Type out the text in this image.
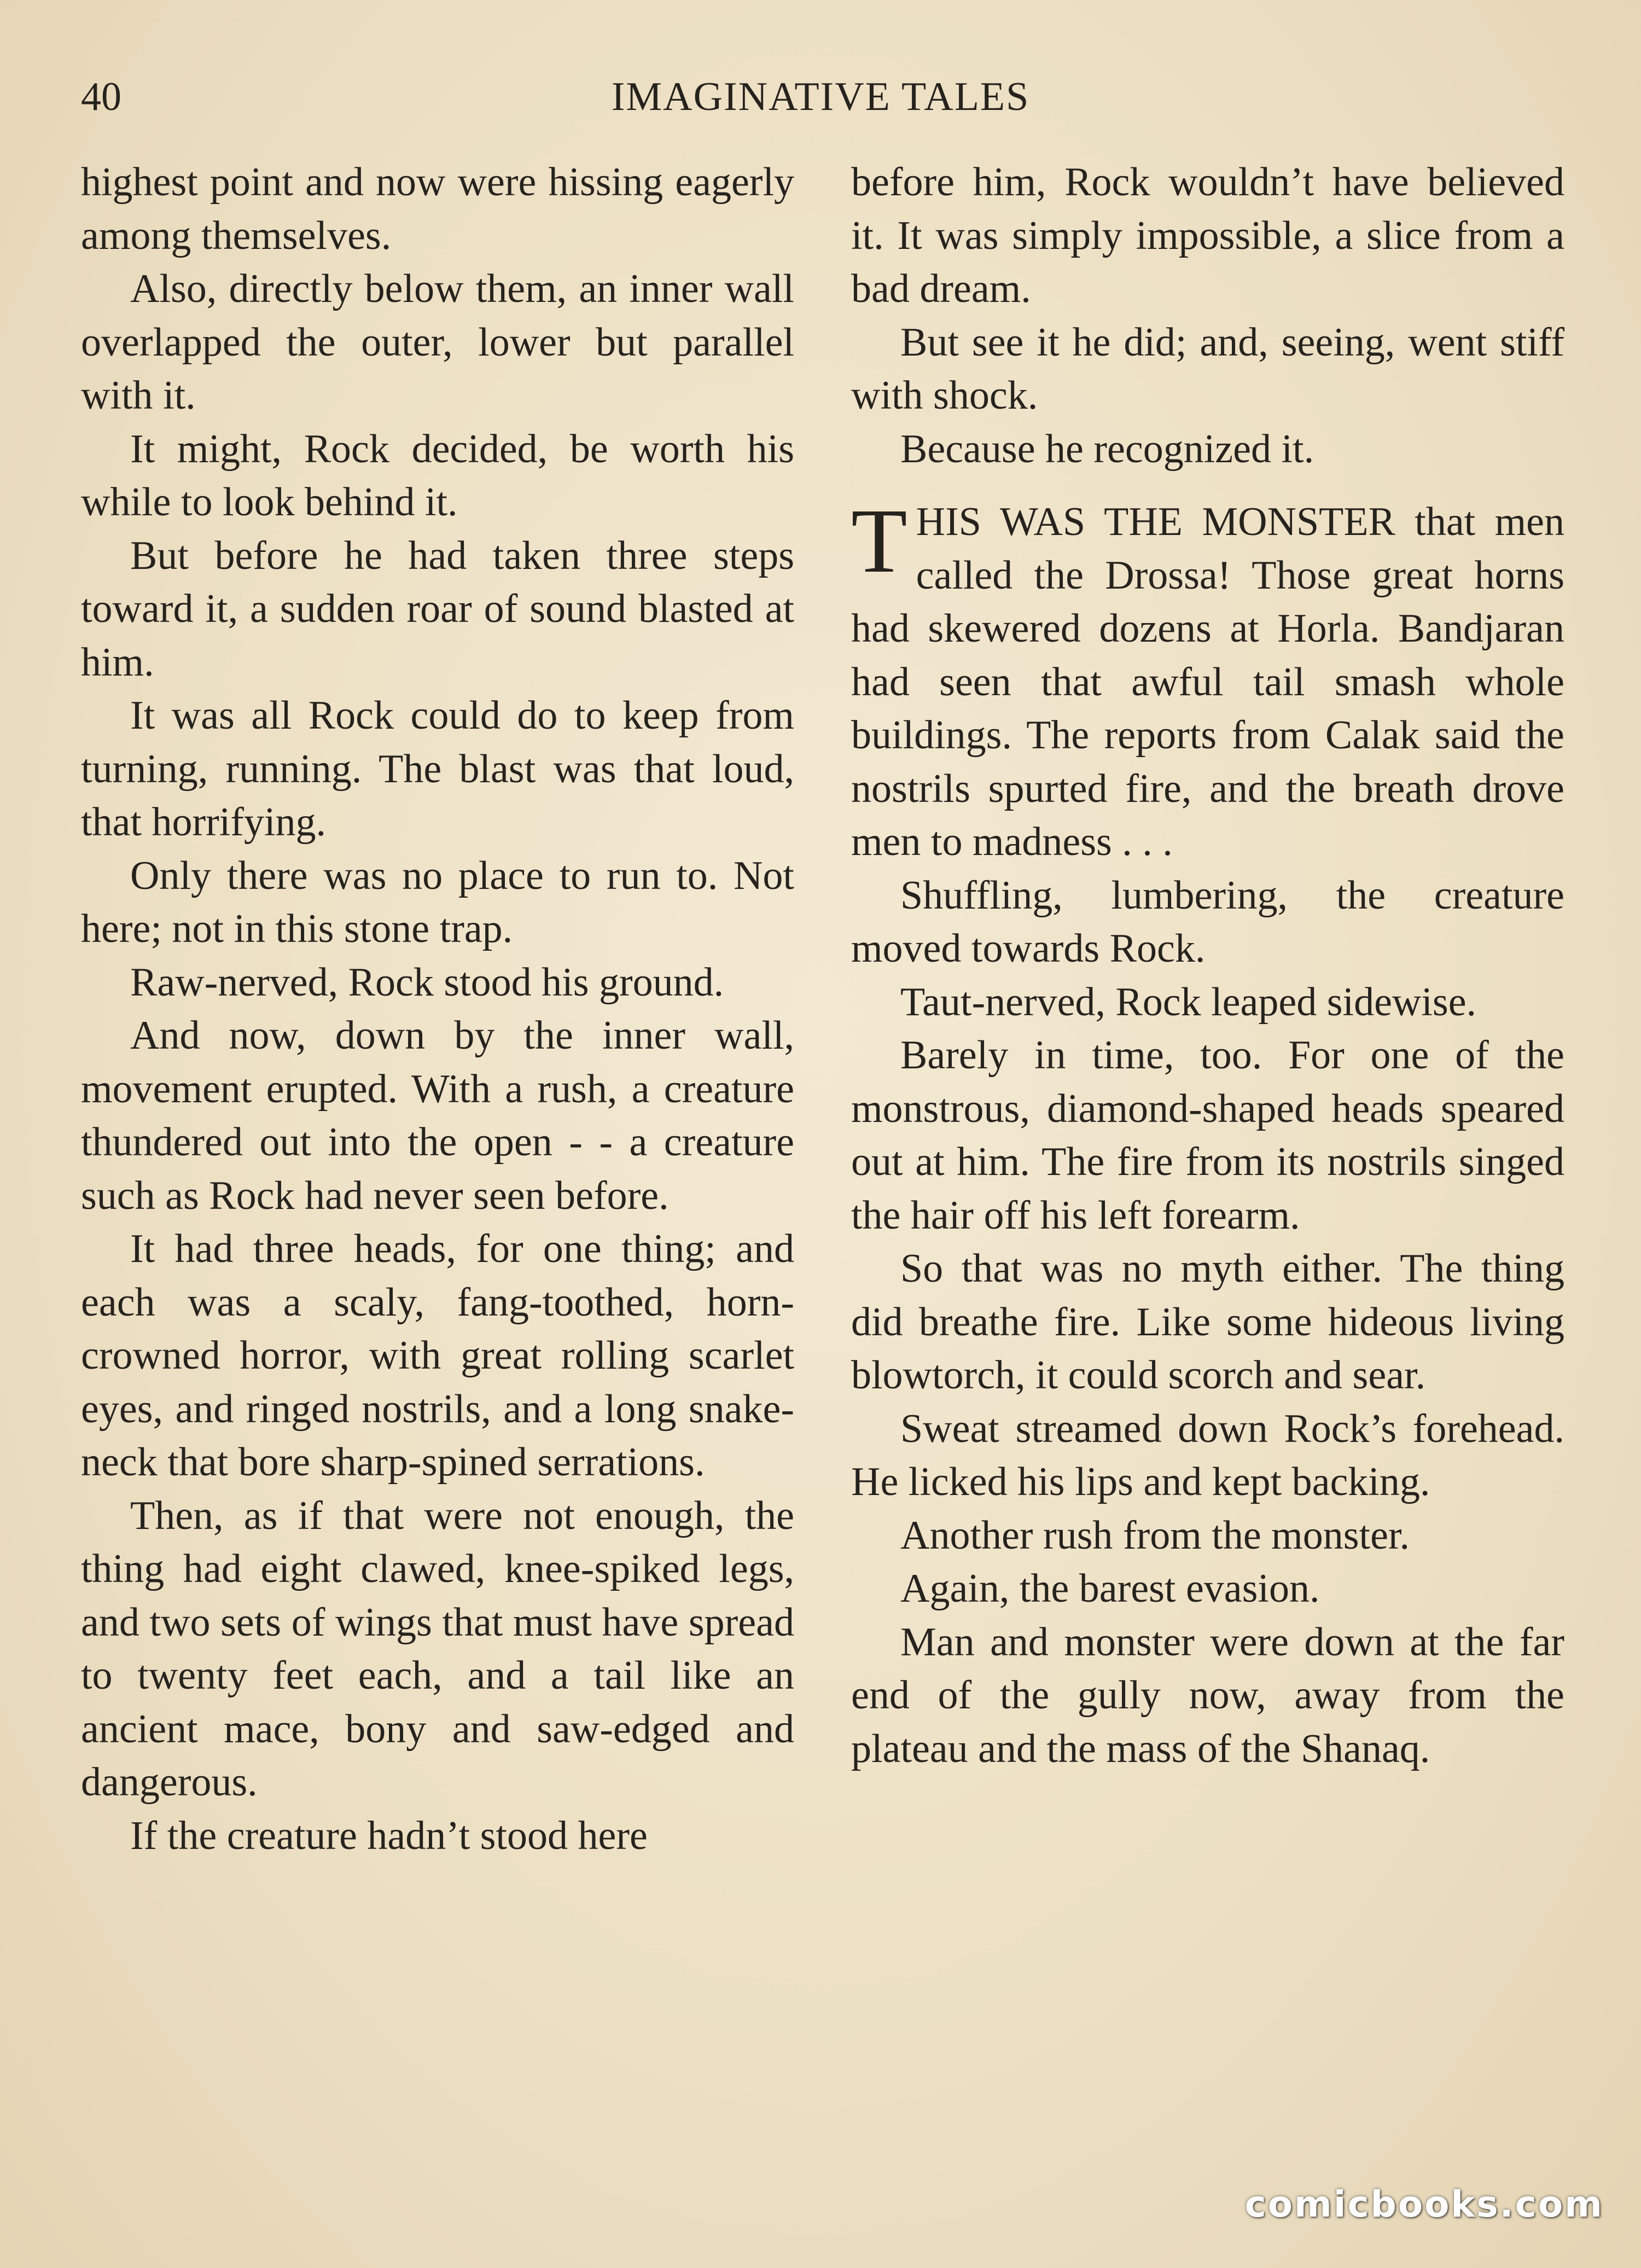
40	IMAGINATIVE TALES

highest point and now were hissing eagerly among themselves.

Also, directly below them, an inner wall overlapped the outer, lower but parallel with it.

It might, Rock decided, be worth his while to look behind it.

But before he had taken three steps toward it, a sudden roar of sound blasted at him.

It was all Rock could do to keep from turning, running. The blast was that loud, that horrifying.

Only there was no place to run to. Not here; not in this stone trap.

Raw-nerved, Rock stood his ground.

And now, down by the inner wall, movement erupted. With a rush, a creature thundered out into the open - - a creature such as Rock had never seen before.

It had three heads, for one thing; and each was a scaly, fang-toothed, horn-crowned horror, with great rolling scarlet eyes, and ringed nostrils, and a long snake-neck that bore sharp-spined serrations.

Then, as if that were not enough, the thing had eight clawed, knee-spiked legs, and two sets of wings that must have spread to twenty feet each, and a tail like an ancient mace, bony and saw-edged and dangerous.

If the creature hadn’t stood here

before him, Rock wouldn’t have believed it. It was simply impossible, a slice from a bad dream.

But see it he did; and, seeing, went stiff with shock.

Because he recognized it.

THIS WAS THE MONSTER that men called the Drossa! Those great horns had skewered dozens at Horla. Bandjaran had seen that awful tail smash whole buildings. The reports from Calak said the nostrils spurted fire, and the breath drove men to madness . . .

Shuffling, lumbering, the creature moved towards Rock.

Taut-nerved, Rock leaped sidewise.

Barely in time, too. For one of the monstrous, diamond-shaped heads speared out at him. The fire from its nostrils singed the hair off his left forearm.

So that was no myth either. The thing did breathe fire. Like some hideous living blowtorch, it could scorch and sear.

Sweat streamed down Rock’s forehead. He licked his lips and kept backing.

Another rush from the monster.

Again, the barest evasion.

Man and monster were down at the far end of the gully now, away from the plateau and the mass of the Shanaq.

comicbooks.com
